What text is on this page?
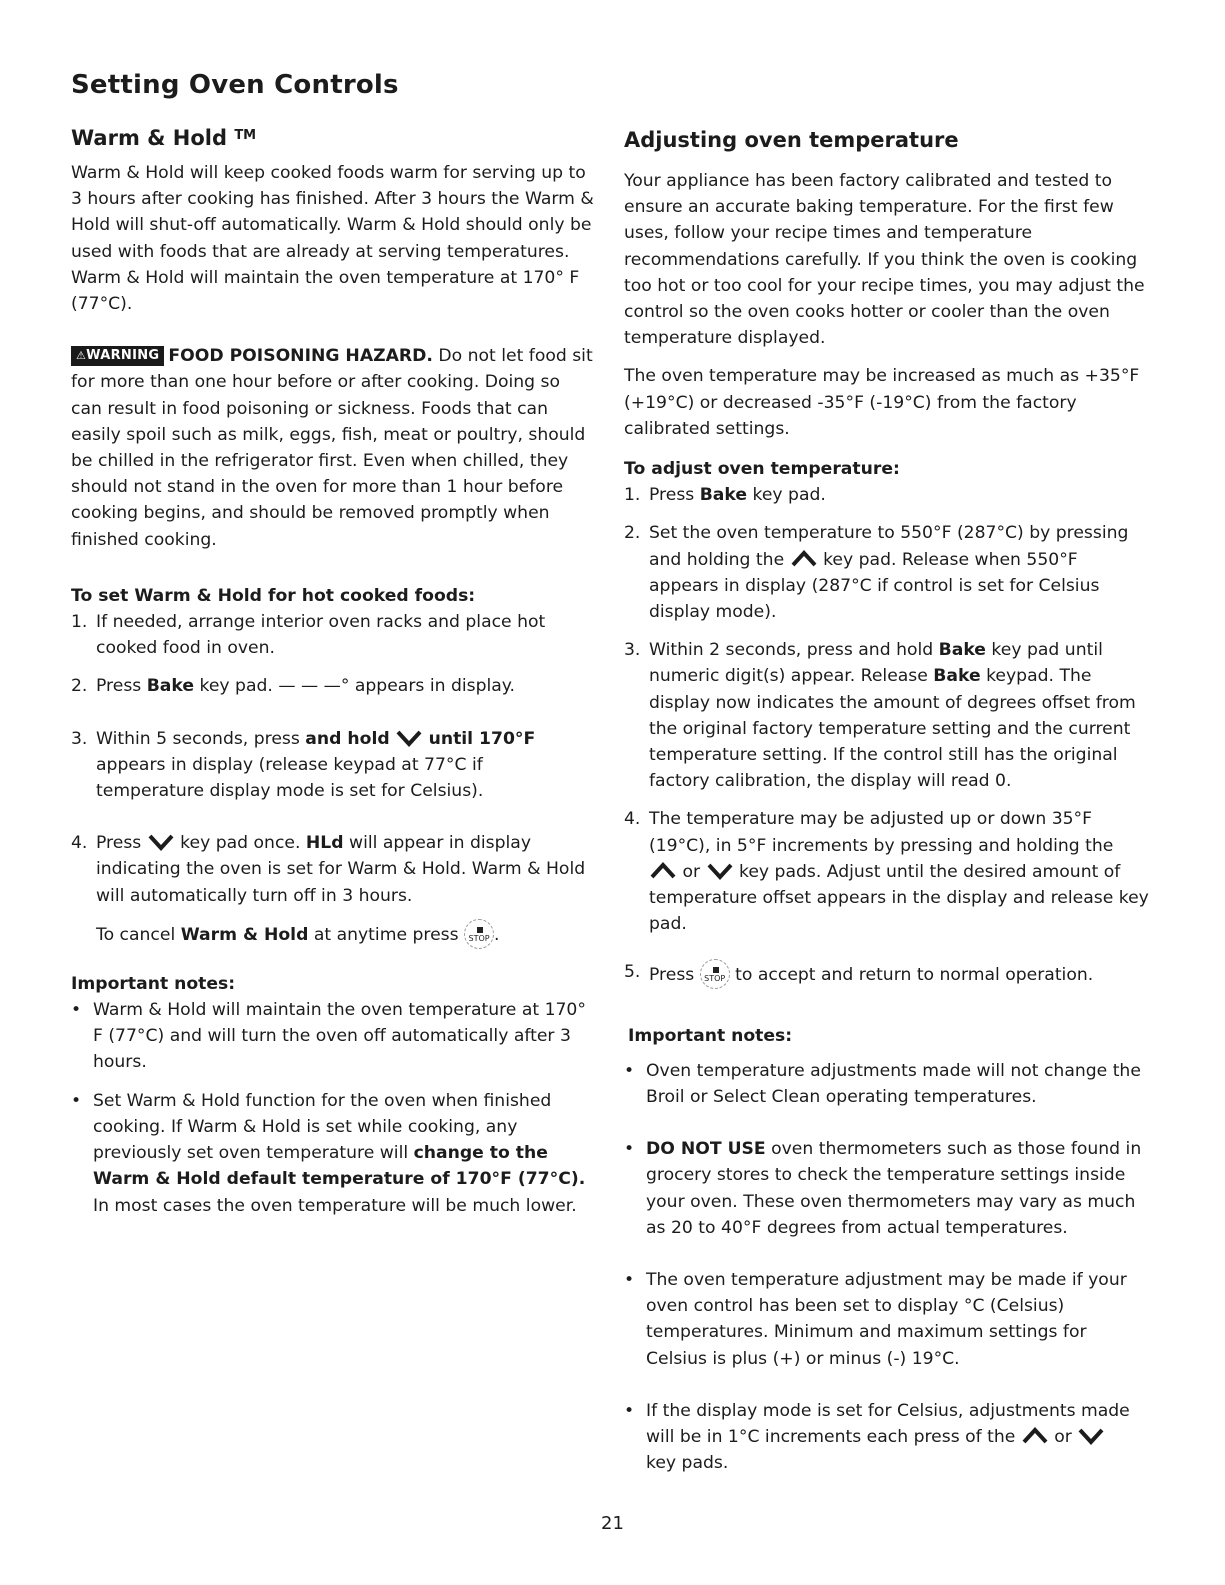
Setting Oven Controls
Warm & Hold ™

Warm & Hold will keep cooked foods warm for serving up to 3 hours after cooking has finished. After 3 hours the Warm & Hold will shut-off automatically. Warm & Hold should only be used with foods that are already at serving temperatures. Warm & Hold will maintain the oven temperature at 170° F (77°C).

⚠WARNING FOOD POISONING HAZARD. Do not let food sit for more than one hour before or after cooking. Doing so can result in food poisoning or sickness. Foods that can easily spoil such as milk, eggs, fish, meat or poultry, should be chilled in the refrigerator first. Even when chilled, they should not stand in the oven for more than 1 hour before cooking begins, and should be removed promptly when finished cooking.

To set Warm & Hold for hot cooked foods:

1. If needed, arrange interior oven racks and place hot cooked food in oven.
2. Press Bake key pad. — — —° appears in display.
3. Within 5 seconds, press and hold until 170°F
appears in display (release keypad at 77°C if temperature display mode is set for Celsius).
4. Press  key pad once. HLd will appear in display indicating the oven is set for Warm & Hold. Warm & Hold will automatically turn off in 3 hours.

To cancel Warm & Hold at anytime press STOP .

Important notes:

• Warm & Hold will maintain the oven temperature at 170° F (77°C) and will turn the oven off automatically after 3 hours.
• Set Warm & Hold function for the oven when finished cooking. If Warm & Hold is set while cooking, any previously set oven temperature will change to the Warm & Hold default temperature of 170°F (77°C). In most cases the oven temperature will be much lower.
Adjusting oven temperature

Your appliance has been factory calibrated and tested to ensure an accurate baking temperature. For the first few uses, follow your recipe times and temperature recommendations carefully. If you think the oven is cooking too hot or too cool for your recipe times, you may adjust the control so the oven cooks hotter or cooler than the oven temperature displayed.

The oven temperature may be increased as much as +35°F (+19°C) or decreased -35°F (-19°C) from the factory calibrated settings.

To adjust oven temperature:

1. Press Bake key pad.
2. Set the oven temperature to 550°F (287°C) by pressing and holding the  key pad. Release when 550°F appears in display (287°C if control is set for Celsius display mode).
3. Within 2 seconds, press and hold Bake key pad until numeric digit(s) appear. Release Bake keypad. The display now indicates the amount of degrees offset from the original factory temperature setting and the current temperature setting. If the control still has the original factory calibration, the display will read 0.
4. The temperature may be adjusted up or down 35°F (19°C), in 5°F increments by pressing and holding the
or  key pads. Adjust until the desired amount of temperature offset appears in the display and release key pad.
5. Press STOP to accept and return to normal operation.

Important notes:

• Oven temperature adjustments made will not change the Broil or Select Clean operating temperatures.
• DO NOT USE oven thermometers such as those found in grocery stores to check the temperature settings inside your oven. These oven thermometers may vary as much as 20 to 40°F degrees from actual temperatures.
• The oven temperature adjustment may be made if your oven control has been set to display °C (Celsius) temperatures. Minimum and maximum settings for Celsius is plus (+) or minus (-) 19°C.
• If the display mode is set for Celsius, adjustments made will be in 1°C increments each press of the  or
key pads.
21
